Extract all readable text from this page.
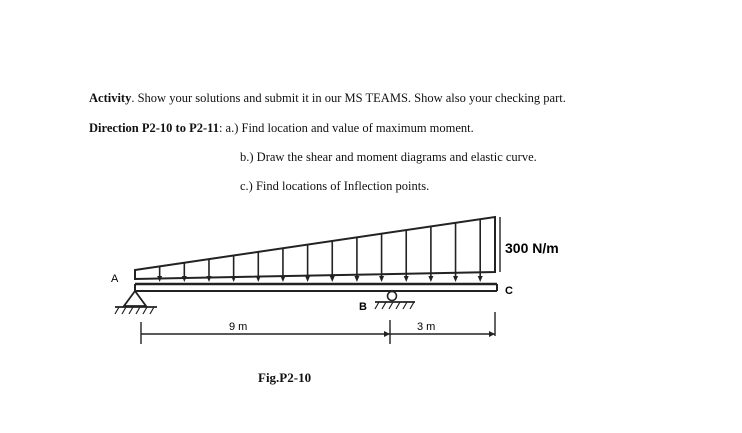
Activity. Show your solutions and submit it in our MS TEAMS. Show also your checking part.
Direction P2-10 to P2-11: a.) Find location and value of maximum moment.
b.) Draw the shear and moment diagrams and elastic curve.
c.) Find locations of Inflection points.
A
B
300 N/m
C
9 m	3 m
Fig.P2-10
